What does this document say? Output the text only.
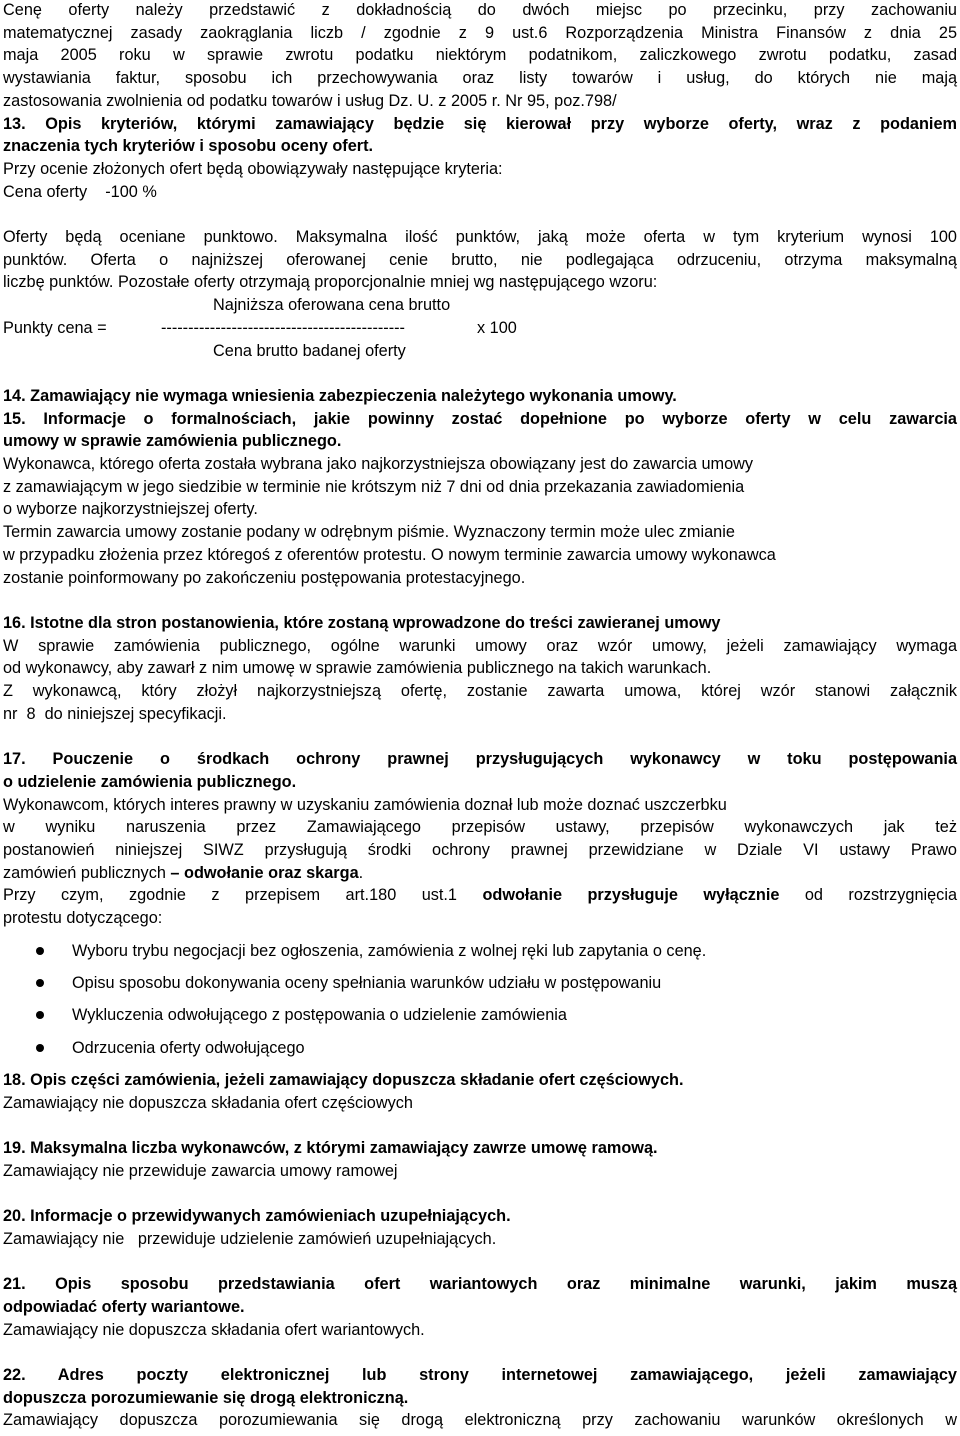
Cenę oferty należy przedstawić z dokładnością do dwóch miejsc po przecinku, przy zachowaniu

matematycznej zasady zaokrąglania liczb / zgodnie z 9 ust.6 Rozporządzenia Ministra Finansów z dnia 25

maja 2005 roku w sprawie zwrotu podatku niektórym podatnikom, zaliczkowego zwrotu podatku, zasad

wystawiania faktur, sposobu ich przechowywania oraz listy towarów i usług, do których nie mają

zastosowania zwolnienia od podatku towarów i usług Dz. U. z 2005 r. Nr 95, poz.798/

13. Opis kryteriów, którymi zamawiający będzie się kierował przy wyborze oferty, wraz z podaniem

znaczenia tych kryteriów i sposobu oceny ofert.

Przy ocenie złożonych ofert będą obowiązywały następujące kryteria:

Cena oferty    -100 %

Oferty będą oceniane punktowo. Maksymalna ilość punktów, jaką może oferta w tym kryterium wynosi 100

punktów. Oferta o najniższej oferowanej cenie brutto, nie podlegająca odrzuceniu, otrzyma maksymalną

liczbę punktów. Pozostałe oferty otrzymają proporcjonalnie mniej wg następującego wzoru:

Najniższa oferowana cena brutto

Punkty cena =

	---------------------------------------------

	x 100

Cena brutto badanej oferty

14. Zamawiający nie wymaga wniesienia zabezpieczenia należytego wykonania umowy.

15. Informacje o formalnościach, jakie powinny zostać dopełnione po wyborze oferty w celu zawarcia

umowy w sprawie zamówienia publicznego.

Wykonawca, którego oferta została wybrana jako najkorzystniejsza obowiązany jest do zawarcia umowy

z zamawiającym w jego siedzibie w terminie nie krótszym niż 7 dni od dnia przekazania zawiadomienia

o wyborze najkorzystniejszej oferty.

Termin zawarcia umowy zostanie podany w odrębnym piśmie. Wyznaczony termin może ulec zmianie

w przypadku złożenia przez któregoś z oferentów protestu. O nowym terminie zawarcia umowy wykonawca

zostanie poinformowany po zakończeniu postępowania protestacyjnego.

16. Istotne dla stron postanowienia, które zostaną wprowadzone do treści zawieranej umowy

W sprawie zamówienia publicznego, ogólne warunki umowy oraz wzór umowy, jeżeli zamawiający wymaga

od wykonawcy, aby zawarł z nim umowę w sprawie zamówienia publicznego na takich warunkach.

Z wykonawcą, który złożył najkorzystniejszą ofertę, zostanie zawarta umowa, której wzór stanowi załącznik

nr  8  do niniejszej specyfikacji.

17. Pouczenie o środkach ochrony prawnej przysługujących wykonawcy w toku postępowania

o udzielenie zamówienia publicznego.

Wykonawcom, których interes prawny w uzyskaniu zamówienia doznał lub może doznać uszczerbku

w wyniku naruszenia przez Zamawiającego przepisów ustawy, przepisów wykonawczych jak też

postanowień niniejszej SIWZ przysługują środki ochrony prawnej przewidziane w Dziale VI ustawy Prawo

zamówień publicznych – odwołanie oraz skarga.

Przy czym, zgodnie z przepisem art.180 ust.1 odwołanie przysługuje wyłącznie od rozstrzygnięcia

protestu dotyczącego:

Wyboru trybu negocjacji bez ogłoszenia, zamówienia z wolnej ręki lub zapytania o cenę.
Opisu sposobu dokonywania oceny spełniania warunków udziału w postępowaniu
Wykluczenia odwołującego z postępowania o udzielenie zamówienia
Odrzucenia oferty odwołującego

18. Opis części zamówienia, jeżeli zamawiający dopuszcza składanie ofert częściowych.

Zamawiający nie dopuszcza składania ofert częściowych

19. Maksymalna liczba wykonawców, z którymi zamawiający zawrze umowę ramową.

Zamawiający nie przewiduje zawarcia umowy ramowej

20. Informacje o przewidywanych zamówieniach uzupełniających.

Zamawiający nie   przewiduje udzielenie zamówień uzupełniających.

21. Opis sposobu przedstawiania ofert wariantowych oraz minimalne warunki, jakim muszą

odpowiadać oferty wariantowe.

Zamawiający nie dopuszcza składania ofert wariantowych.

22. Adres poczty elektronicznej lub strony internetowej zamawiającego, jeżeli zamawiający

dopuszcza porozumiewanie się drogą elektroniczną.

Zamawiający dopuszcza porozumiewania się drogą elektroniczną przy zachowaniu warunków określonych w
